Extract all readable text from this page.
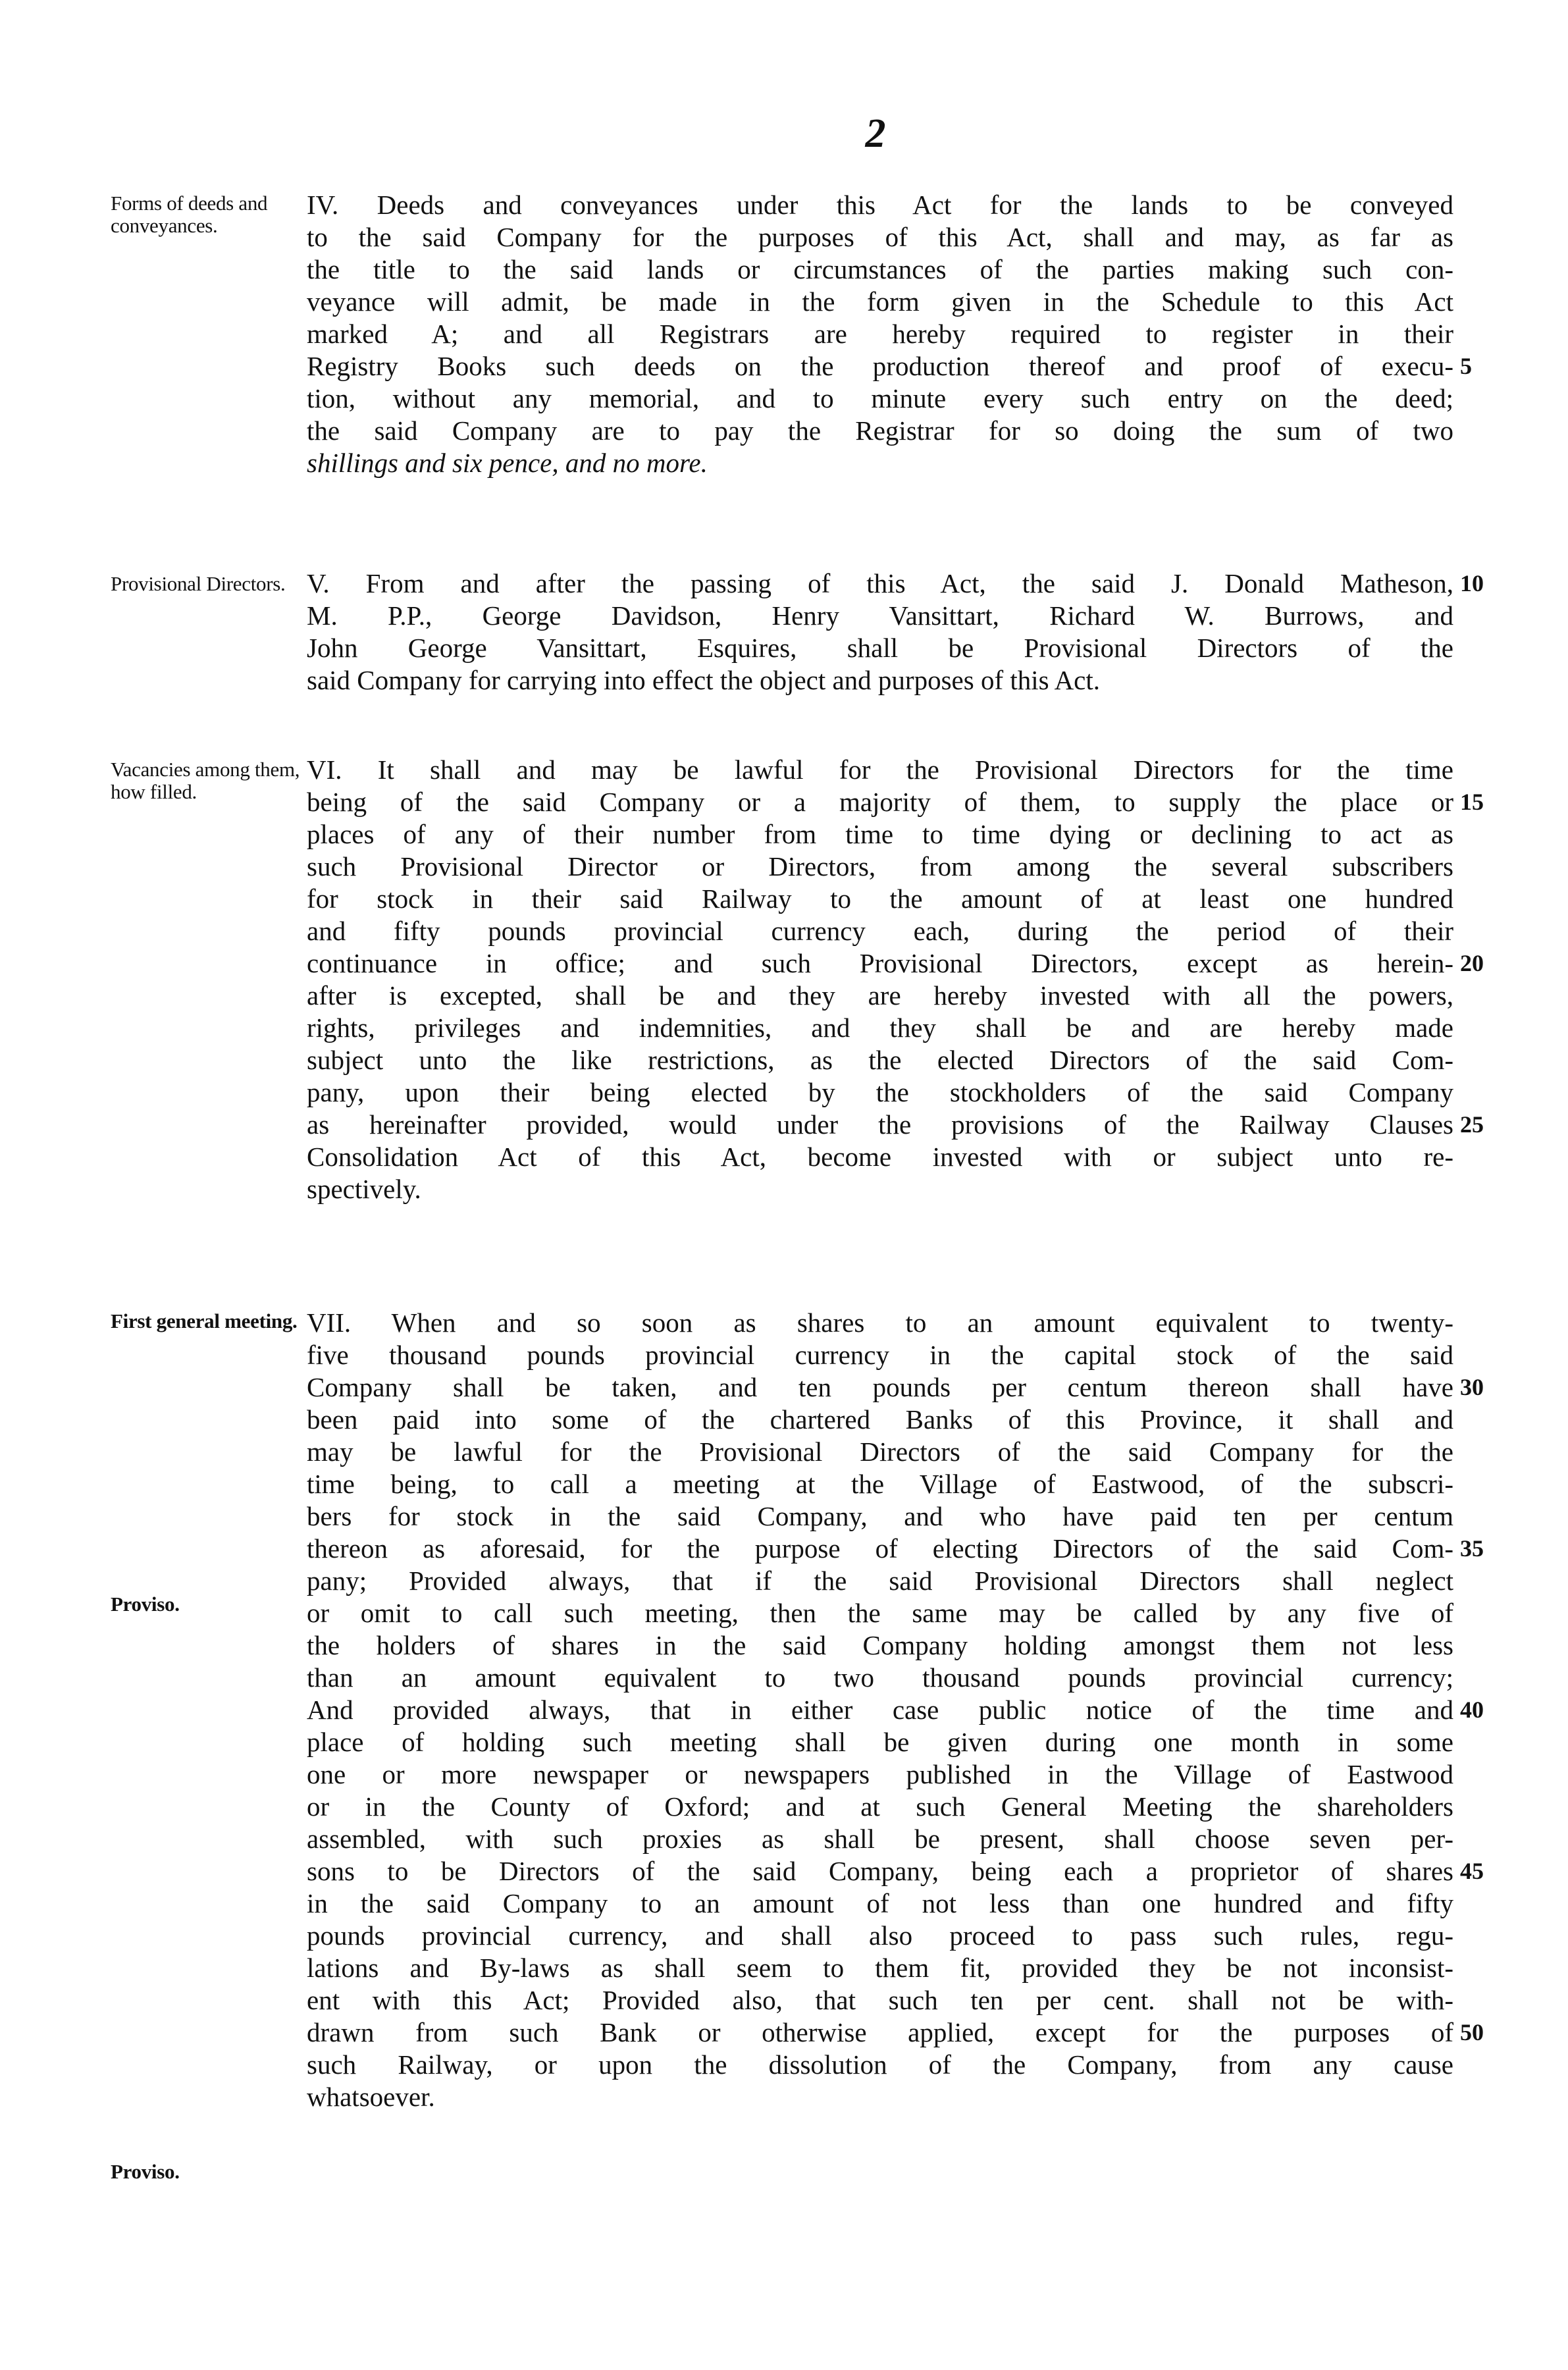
2
Forms of deeds and conveyances.
Provisional Directors.
Vacancies among them, how filled.
First general meeting.
Proviso.
Proviso.
IV. Deeds and conveyances under this Act for the lands to be conveyed
to the said Company for the purposes of this Act, shall and may, as far as
the title to the said lands or circumstances of the parties making such con-
veyance will admit, be made in the form given in the Schedule to this Act
marked A; and all Registrars are hereby required to register in their
Registry Books such deeds on the production thereof and proof of execu-
tion, without any memorial, and to minute every such entry on the deed;
the said Company are to pay the Registrar for so doing the sum of two
shillings and six pence, and no more.
V. From and after the passing of this Act, the said J. Donald Matheson,
M. P.P., George Davidson, Henry Vansittart, Richard W. Burrows, and
John George Vansittart, Esquires, shall be Provisional Directors of the
said Company for carrying into effect the object and purposes of this Act.
VI. It shall and may be lawful for the Provisional Directors for the time
being of the said Company or a majority of them, to supply the place or
places of any of their number from time to time dying or declining to act as
such Provisional Director or Directors, from among the several subscribers
for stock in their said Railway to the amount of at least one hundred
and fifty pounds provincial currency each, during the period of their
continuance in office; and such Provisional Directors, except as herein-
after is excepted, shall be and they are hereby invested with all the powers,
rights, privileges and indemnities, and they shall be and are hereby made
subject unto the like restrictions, as the elected Directors of the said Com-
pany, upon their being elected by the stockholders of the said Company
as hereinafter provided, would under the provisions of the Railway Clauses
Consolidation Act of this Act, become invested with or subject unto re-
spectively.
VII. When and so soon as shares to an amount equivalent to twenty-
five thousand pounds provincial currency in the capital stock of the said
Company shall be taken, and ten pounds per centum thereon shall have
been paid into some of the chartered Banks of this Province, it shall and
may be lawful for the Provisional Directors of the said Company for the
time being, to call a meeting at the Village of Eastwood, of the subscri-
bers for stock in the said Company, and who have paid ten per centum
thereon as aforesaid, for the purpose of electing Directors of the said Com-
pany; Provided always, that if the said Provisional Directors shall neglect
or omit to call such meeting, then the same may be called by any five of
the holders of shares in the said Company holding amongst them not less
than an amount equivalent to two thousand pounds provincial currency;
And provided always, that in either case public notice of the time and
place of holding such meeting shall be given during one month in some
one or more newspaper or newspapers published in the Village of Eastwood
or in the County of Oxford; and at such General Meeting the shareholders
assembled, with such proxies as shall be present, shall choose seven per-
sons to be Directors of the said Company, being each a proprietor of shares
in the said Company to an amount of not less than one hundred and fifty
pounds provincial currency, and shall also proceed to pass such rules, regu-
lations and By-laws as shall seem to them fit, provided they be not inconsist-
ent with this Act; Provided also, that such ten per cent. shall not be with-
drawn from such Bank or otherwise applied, except for the purposes of
such Railway, or upon the dissolution of the Company, from any cause
whatsoever.
5
10
15
20
25
30
35
40
45
50
